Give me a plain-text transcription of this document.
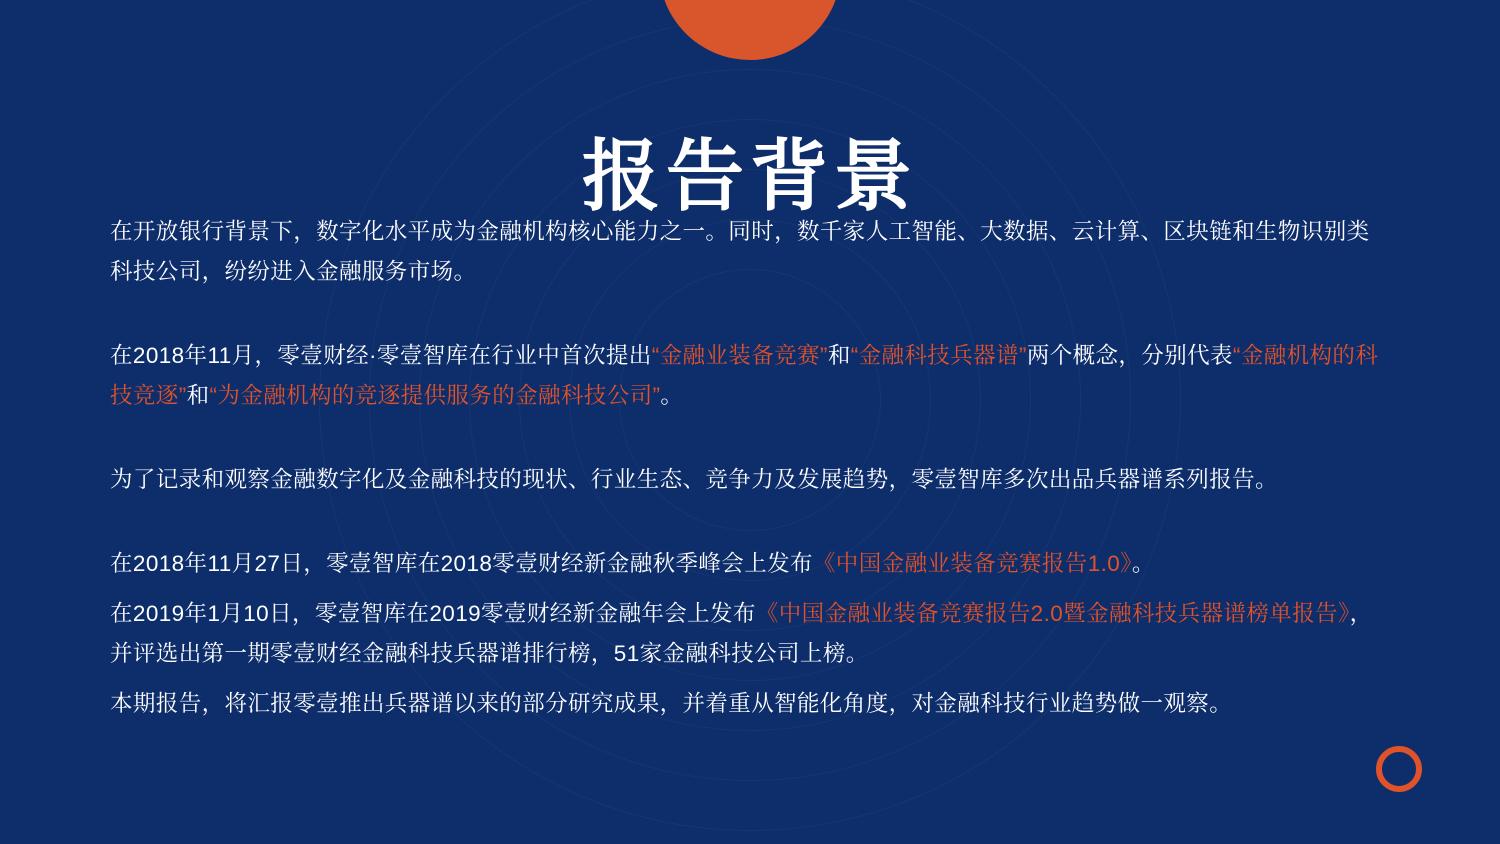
报告背景

在开放银行背景下，数字化水平成为金融机构核心能力之一。同时，数千家人工智能、大数据、云计算、区块链和生物识别类科技公司，纷纷进入金融服务市场。

在2018年11月，零壹财经·零壹智库在行业中首次提出“金融业装备竞赛”和“金融科技兵器谱”两个概念，分别代表“金融机构的科技竞逐”和“为金融机构的竞逐提供服务的金融科技公司”。

为了记录和观察金融数字化及金融科技的现状、行业生态、竞争力及发展趋势，零壹智库多次出品兵器谱系列报告。

在2018年11月27日，零壹智库在2018零壹财经新金融秋季峰会上发布《中国金融业装备竞赛报告1.0》。

在2019年1月10日，零壹智库在2019零壹财经新金融年会上发布《中国金融业装备竞赛报告2.0暨金融科技兵器谱榜单报告》，并评选出第一期零壹财经金融科技兵器谱排行榜，51家金融科技公司上榜。

本期报告，将汇报零壹推出兵器谱以来的部分研究成果，并着重从智能化角度，对金融科技行业趋势做一观察。
